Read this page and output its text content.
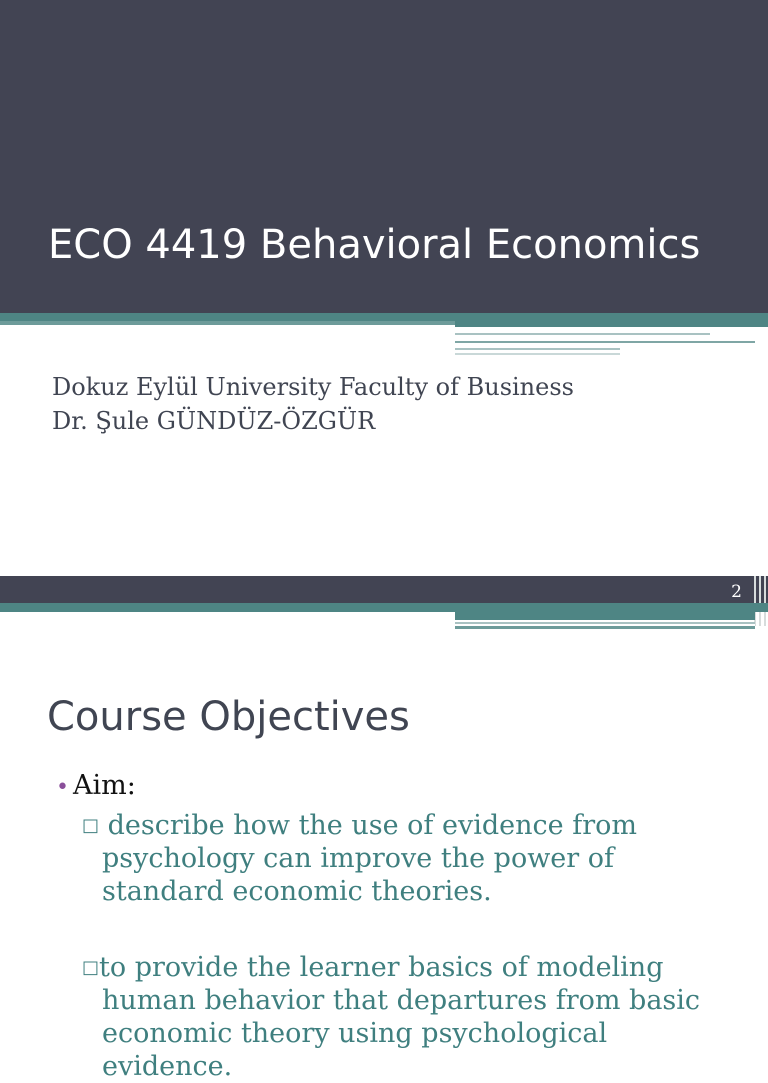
ECO 4419 Behavioral Economics
Dokuz Eylül University Faculty of Business
Dr. Şule GÜNDÜZ-ÖZGÜR
2
Course Objectives
• Aim:
□ describe how the use of evidence from psychology can improve the power of standard economic theories.
□to provide the learner basics of modeling human behavior that departures from basic economic theory using psychological evidence.
